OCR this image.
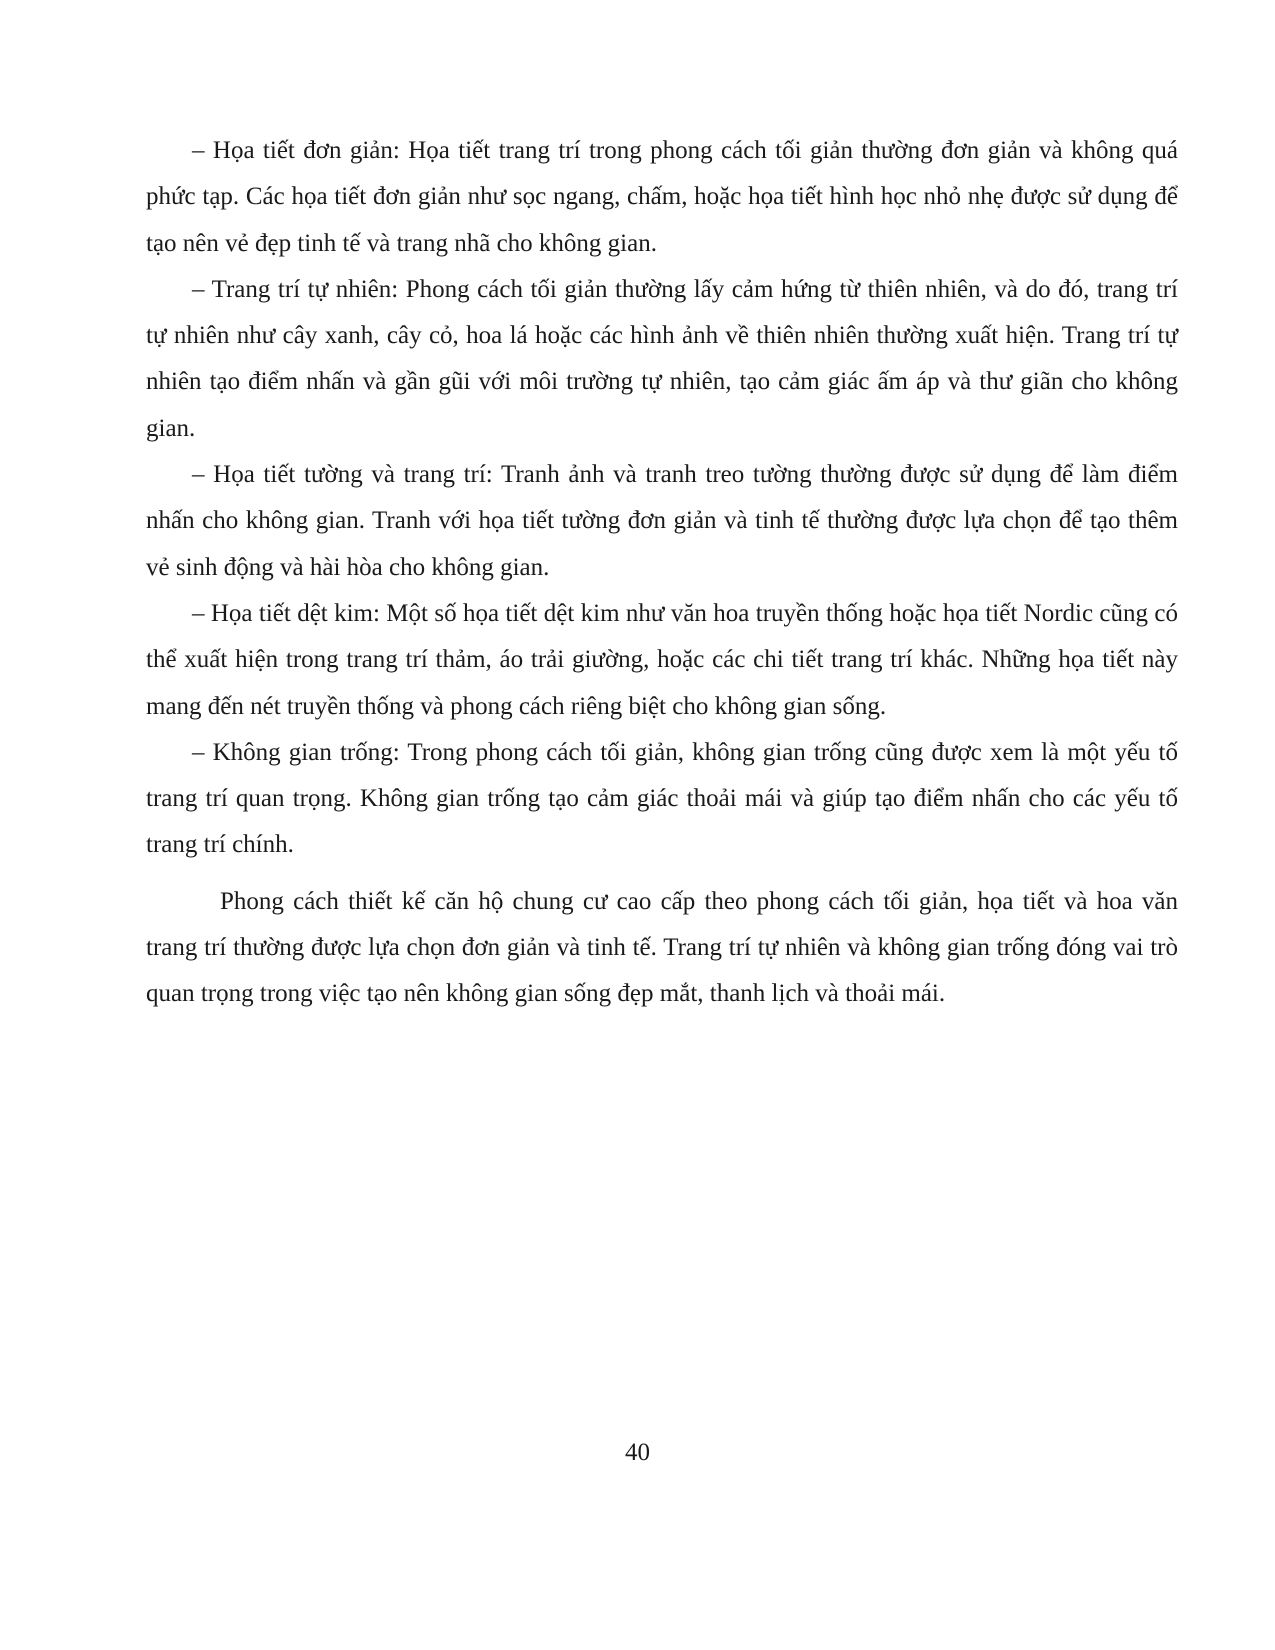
– Họa tiết đơn giản: Họa tiết trang trí trong phong cách tối giản thường đơn giản và không quá phức tạp. Các họa tiết đơn giản như sọc ngang, chấm, hoặc họa tiết hình học nhỏ nhẹ được sử dụng để tạo nên vẻ đẹp tinh tế và trang nhã cho không gian.

– Trang trí tự nhiên: Phong cách tối giản thường lấy cảm hứng từ thiên nhiên, và do đó, trang trí tự nhiên như cây xanh, cây cỏ, hoa lá hoặc các hình ảnh về thiên nhiên thường xuất hiện. Trang trí tự nhiên tạo điểm nhấn và gần gũi với môi trường tự nhiên, tạo cảm giác ấm áp và thư giãn cho không gian.

– Họa tiết tường và trang trí: Tranh ảnh và tranh treo tường thường được sử dụng để làm điểm nhấn cho không gian. Tranh với họa tiết tường đơn giản và tinh tế thường được lựa chọn để tạo thêm vẻ sinh động và hài hòa cho không gian.

– Họa tiết dệt kim: Một số họa tiết dệt kim như văn hoa truyền thống hoặc họa tiết Nordic cũng có thể xuất hiện trong trang trí thảm, áo trải giường, hoặc các chi tiết trang trí khác. Những họa tiết này mang đến nét truyền thống và phong cách riêng biệt cho không gian sống.

– Không gian trống: Trong phong cách tối giản, không gian trống cũng được xem là một yếu tố trang trí quan trọng. Không gian trống tạo cảm giác thoải mái và giúp tạo điểm nhấn cho các yếu tố trang trí chính.

Phong cách thiết kế căn hộ chung cư cao cấp theo phong cách tối giản, họa tiết và hoa văn trang trí thường được lựa chọn đơn giản và tinh tế. Trang trí tự nhiên và không gian trống đóng vai trò quan trọng trong việc tạo nên không gian sống đẹp mắt, thanh lịch và thoải mái.

40
